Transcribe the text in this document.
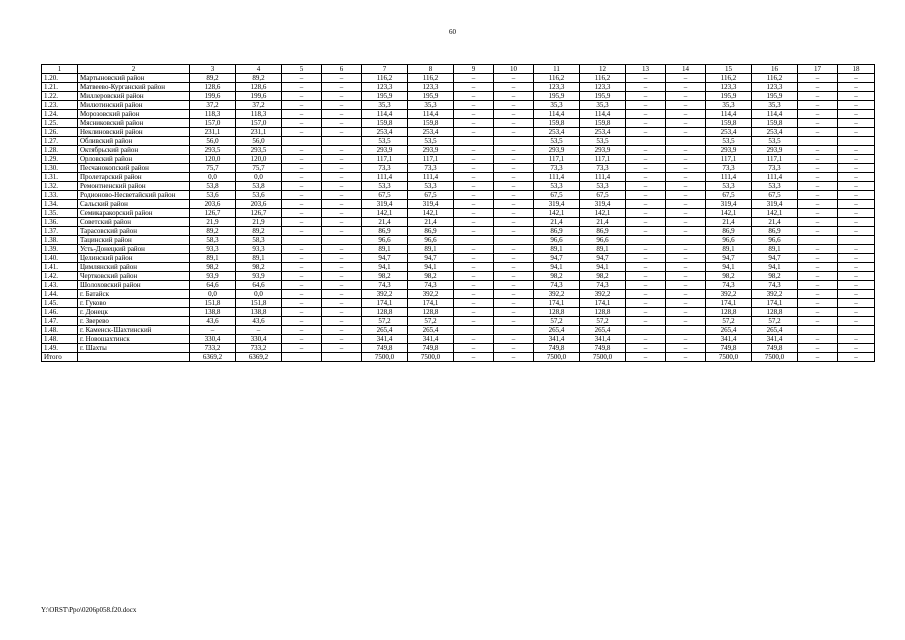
60
1	2	3	4	5	6	7	8	9	10	11	12	13	14	15	16	17	18
1.20.	Мартыновский район	89,2	89,2	–	–	116,2	116,2	–	–	116,2	116,2	–	–	116,2	116,2	–	–
1.21.	Матвеево-Курганский район	128,6	128,6	–	–	123,3	123,3	–	–	123,3	123,3	–	–	123,3	123,3	–	–
1.22.	Миллеровский район	199,6	199,6	–	–	195,9	195,9	–	–	195,9	195,9	–	–	195,9	195,9	–	–
1.23.	Милютинский район	37,2	37,2	–	–	35,3	35,3	–	–	35,3	35,3	–	–	35,3	35,3	–	–
1.24.	Морозовский район	118,3	118,3	–	–	114,4	114,4	–	–	114,4	114,4	–	–	114,4	114,4	–	–
1.25.	Мясниковский район	157,0	157,0	–	–	159,8	159,8	–	–	159,8	159,8	–	–	159,8	159,8	–	–
1.26.	Неклиновский район	231,1	231,1	–	–	253,4	253,4	–	–	253,4	253,4	–	–	253,4	253,4	–	–
1.27.	Обливский район	56,0	56,0			53,5	53,5			53,5	53,5			53,5	53,5		
1.28.	Октябрьский район	293,5	293,5	–	–	293,9	293,9	–	–	293,9	293,9	–	–	293,9	293,9	–	–
1.29.	Орловский район	120,0	120,0	–	–	117,1	117,1	–	–	117,1	117,1	–	–	117,1	117,1	–	–
1.30.	Песчанокопский район	75,7	75,7	–	–	73,3	73,3	–	–	73,3	73,3	–	–	73,3	73,3	–	–
1.31.	Пролетарский район	0,0	0,0	–	–	111,4	111,4	–	–	111,4	111,4	–	–	111,4	111,4	–	–
1.32.	Ремонтненский район	53,8	53,8	–	–	53,3	53,3	–	–	53,3	53,3	–	–	53,3	53,3	–	–
1.33.	Родионово-Несветайский район	53,6	53,6	–	–	67,5	67,5	–	–	67,5	67,5	–	–	67,5	67,5	–	–
1.34.	Сальский район	203,6	203,6	–	–	319,4	319,4	–	–	319,4	319,4	–	–	319,4	319,4	–	–
1.35.	Семикаракорский район	126,7	126,7	–	–	142,1	142,1	–	–	142,1	142,1	–	–	142,1	142,1	–	–
1.36.	Советский район	21,9	21,9	–	–	21,4	21,4	–	–	21,4	21,4	–	–	21,4	21,4	–	–
1.37.	Тарасовский район	89,2	89,2	–	–	86,9	86,9	–	–	86,9	86,9	–	–	86,9	86,9	–	–
1.38.	Тацинский район	58,3	58,3			96,6	96,6			96,6	96,6			96,6	96,6		
1.39.	Усть-Донецкий район	93,3	93,3	–	–	89,1	89,1	–	–	89,1	89,1	–	–	89,1	89,1	–	–
1.40.	Целинский район	89,1	89,1	–	–	94,7	94,7	–	–	94,7	94,7	–	–	94,7	94,7	–	–
1.41.	Цимлянский район	98,2	98,2	–	–	94,1	94,1	–	–	94,1	94,1	–	–	94,1	94,1	–	–
1.42.	Чертковский район	93,9	93,9	–	–	98,2	98,2	–	–	98,2	98,2	–	–	98,2	98,2	–	–
1.43.	Шолоховский район	64,6	64,6	–	–	74,3	74,3	–	–	74,3	74,3	–	–	74,3	74,3	–	–
1.44.	г. Батайск	0,0	0,0	–	–	392,2	392,2	–	–	392,2	392,2	–	–	392,2	392,2	–	–
1.45.	г. Гуково	151,8	151,8	–	–	174,1	174,1	–	–	174,1	174,1	–	–	174,1	174,1	–	–
1.46.	г. Донецк	138,8	138,8	–	–	128,8	128,8	–	–	128,8	128,8	–	–	128,8	128,8	–	–
1.47.	г. Зверево	43,6	43,6	–	–	57,2	57,2	–	–	57,2	57,2	–	–	57,2	57,2	–	–
1.48.	г. Каменск-Шахтинский	–	–	–	–	265,4	265,4			265,4	265,4			265,4	265,4		
1.48.	г. Новошахтинск	330,4	330,4	–	–	341,4	341,4	–	–	341,4	341,4	–	–	341,4	341,4	–	–
1.49.	г. Шахты	733,2	733,2	–	–	749,8	749,8	–	–	749,8	749,8	–	–	749,8	749,8	–	–
Итого		6369,2	6369,2			7500,0	7500,0	–	–	7500,0	7500,0	–	–	7500,0	7500,0	–	–
Y:\ORST\Ppo\0206p058.f20.docx
